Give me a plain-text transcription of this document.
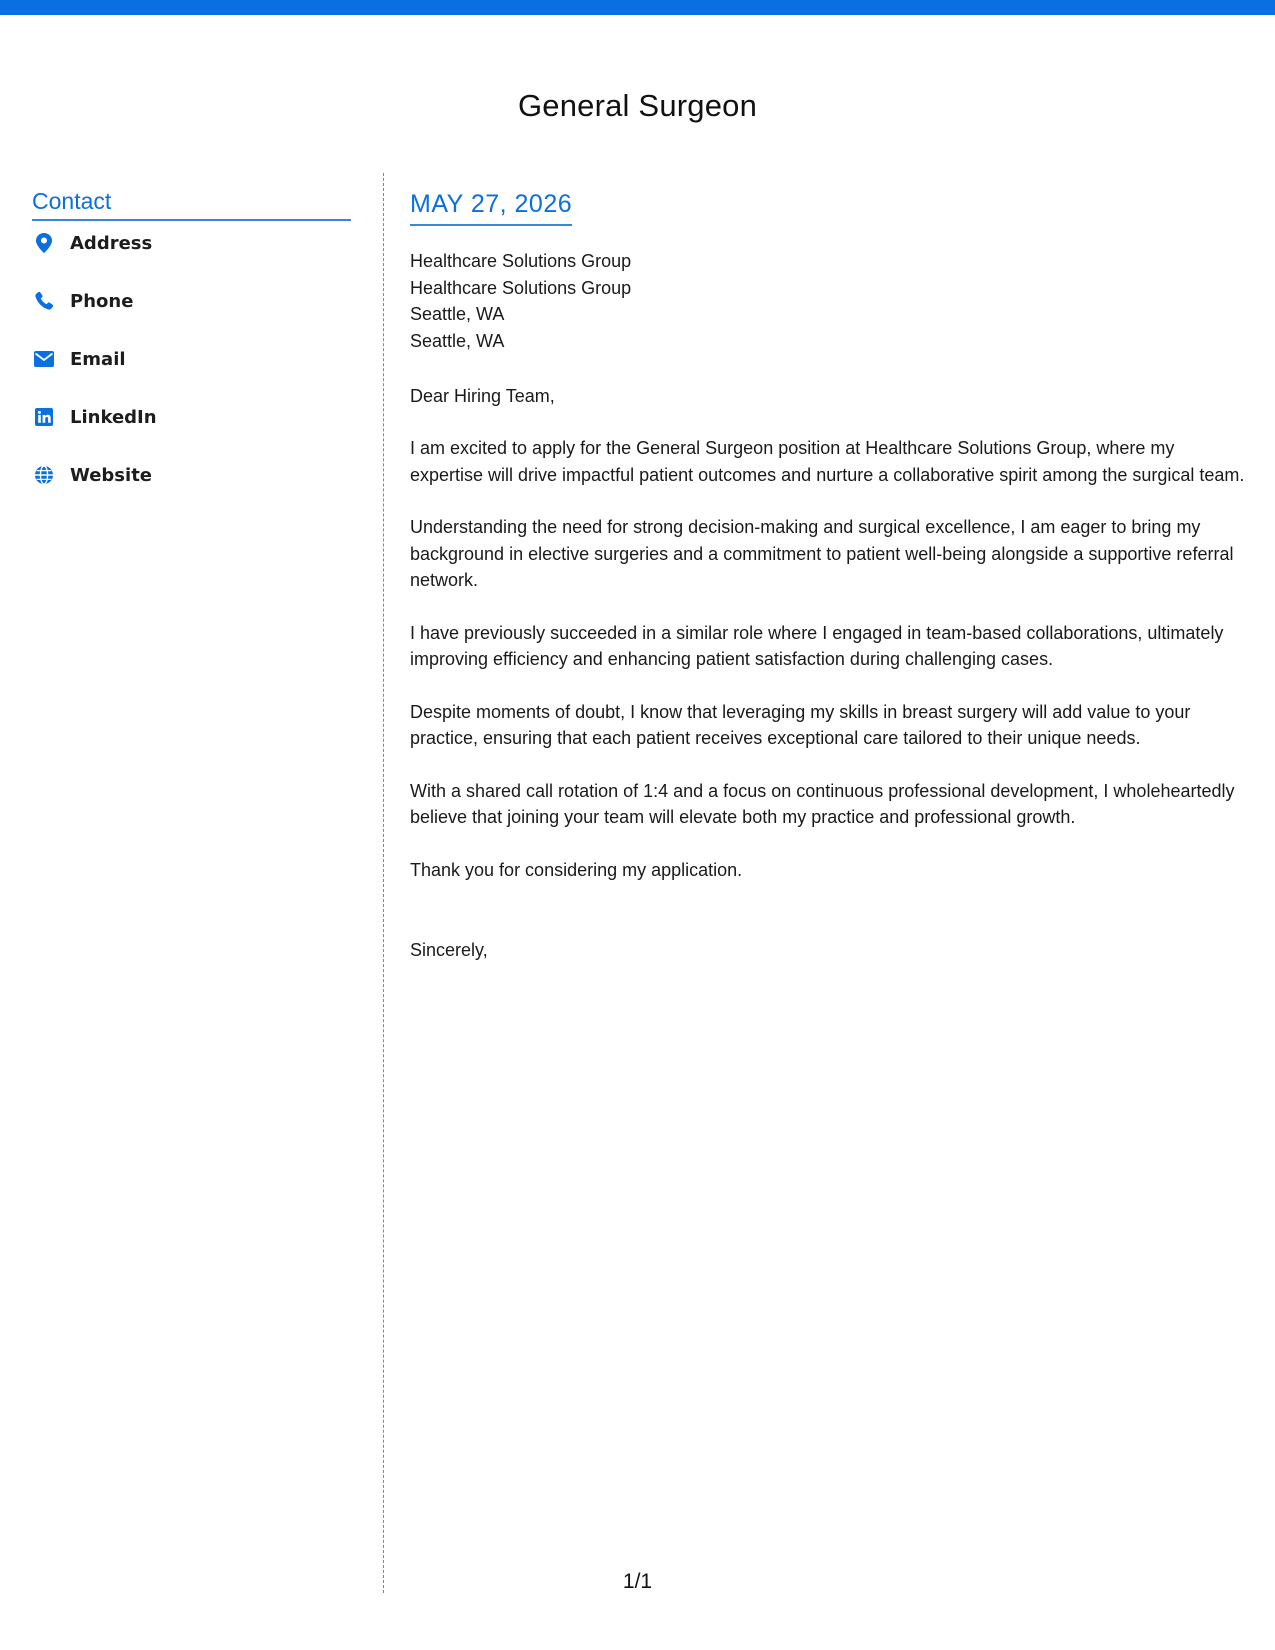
General Surgeon
Contact
Address
Phone
Email
LinkedIn
Website
MAY 27, 2026
Healthcare Solutions Group
Healthcare Solutions Group
Seattle, WA
Seattle, WA
Dear Hiring Team,

I am excited to apply for the General Surgeon position at Healthcare Solutions Group, where my expertise will drive impactful patient outcomes and nurture a collaborative spirit among the surgical team.

Understanding the need for strong decision-making and surgical excellence, I am eager to bring my background in elective surgeries and a commitment to patient well-being alongside a supportive referral network.

I have previously succeeded in a similar role where I engaged in team-based collaborations, ultimately improving efficiency and enhancing patient satisfaction during challenging cases.

Despite moments of doubt, I know that leveraging my skills in breast surgery will add value to your practice, ensuring that each patient receives exceptional care tailored to their unique needs.

With a shared call rotation of 1:4 and a focus on continuous professional development, I wholeheartedly believe that joining your team will elevate both my practice and professional growth.

Thank you for considering my application.

Sincerely,
1/1
